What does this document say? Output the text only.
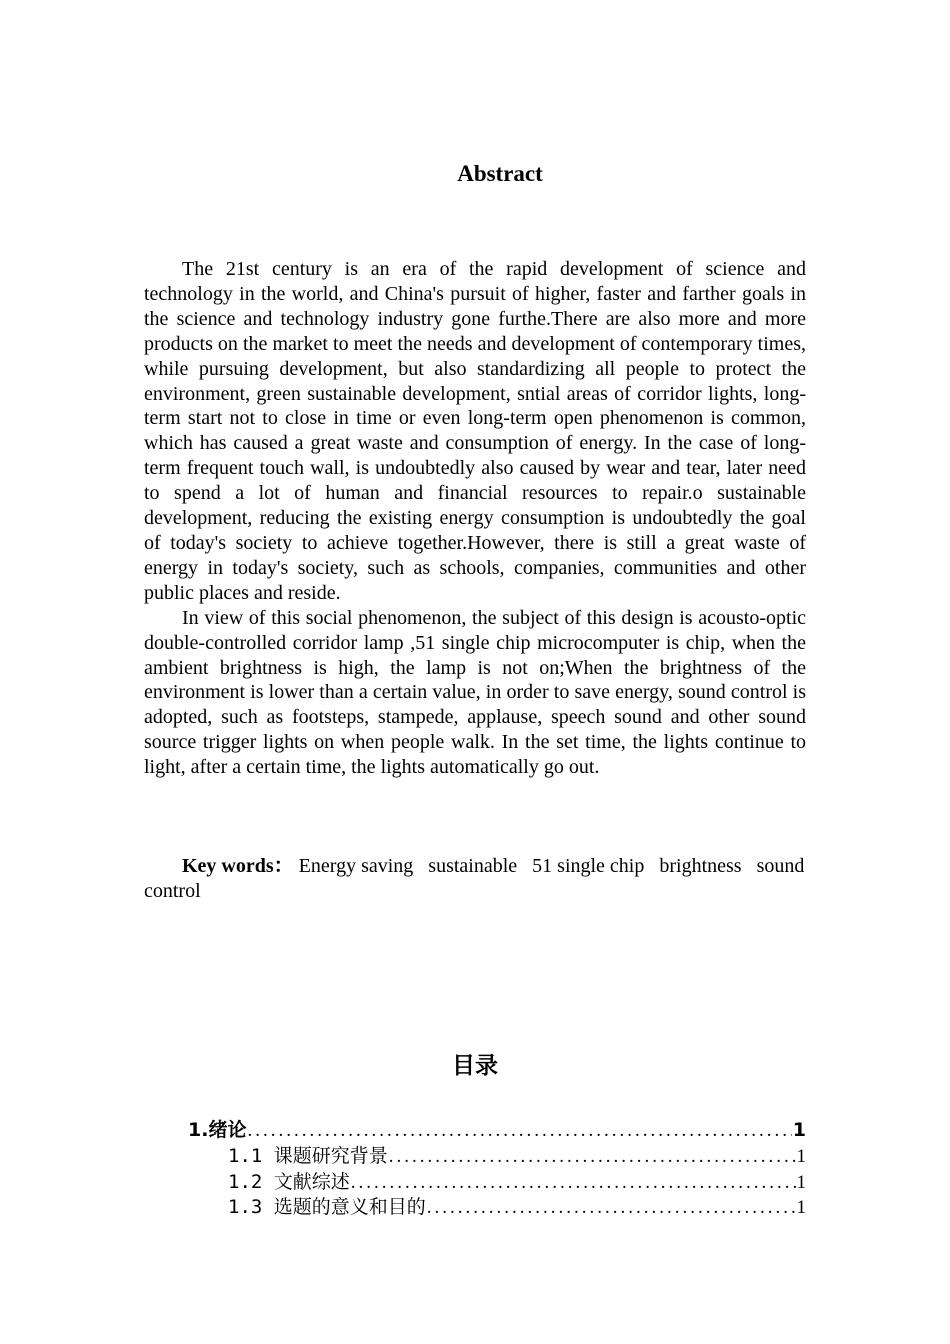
Abstract

The 21st century is an era of the rapid development of science and technology in the world, and China's pursuit of higher, faster and farther goals in the science and technology industry gone furthe.There are also more and more products on the market to meet the needs and development of contemporary times, while pursuing development, but also standardizing all people to protect the environment, green sustainable development, sntial areas of corridor lights, long-term start not to close in time or even long-term open phenomenon is common, which has caused a great waste and consumption of energy. In the case of long-term frequent touch wall, is undoubtedly also caused by wear and tear, later need to spend a lot of human and financial resources to repair.o sustainable development, reducing the existing energy consumption is undoubtedly the goal of today's society to achieve together.However, there is still a great waste of energy in today's society, such as schools, companies, communities and other public places and reside.

In view of this social phenomenon, the subject of this design is acousto-optic double-controlled corridor lamp ,51 single chip microcomputer is chip, when the ambient brightness is high, the lamp is not on;When the brightness of the environment is lower than a certain value, in order to save energy, sound control is adopted, such as footsteps, stampede, applause, speech sound and other sound source trigger lights on when people walk. In the set time, the lights continue to light, after a certain time, the lights automatically go out.

Key words： Energy saving sustainable 51 single chip brightness sound control
目录
1.绪论 .....	1
1.1 课题研究背景 .....	1
1.2 文献综述 .....	1
1.3 选题的意义和目的 .....	1
